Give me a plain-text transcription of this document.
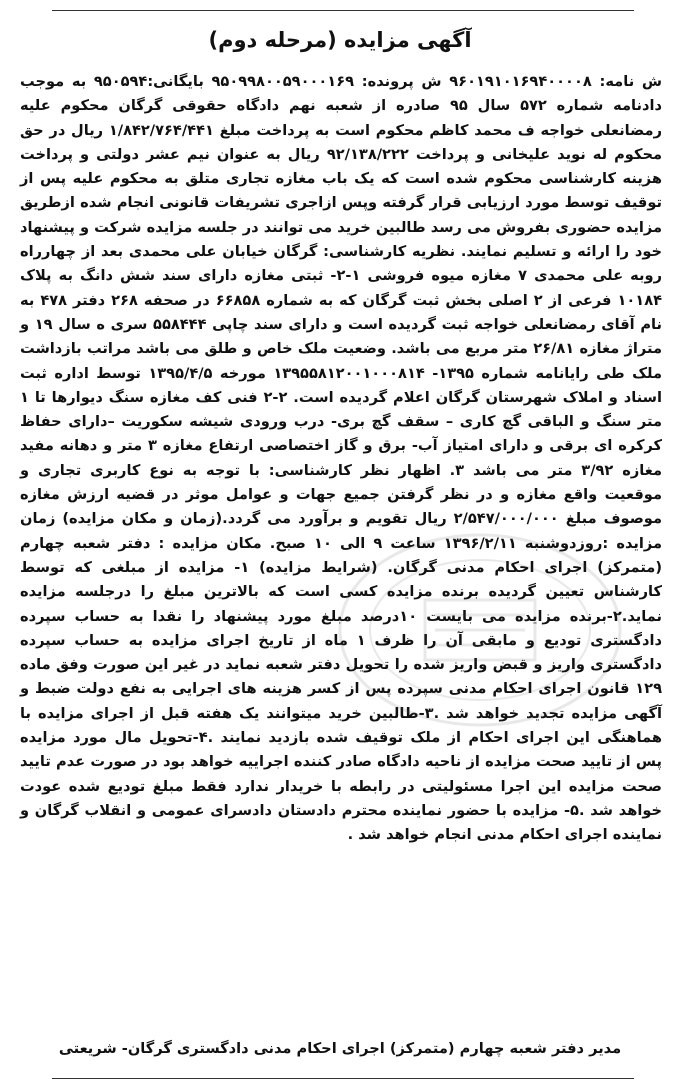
آگهی مزایده (مرحله دوم)

ش نامه: ۹۶۰۱۹۱۰۱۶۹۴۰۰۰۰۸ ش پرونده: ۹۵۰۹۹۸۰۰۵۹۰۰۰۱۶۹ بایگانی:۹۵۰۵۹۴ به موجب دادنامه شماره ۵۷۲ سال ۹۵ صادره از شعبه نهم دادگاه حقوقی گرگان محکوم علیه رمضانعلی خواجه ف محمد کاظم محکوم است به پرداخت مبلغ ۱/۸۴۲/۷۶۴/۴۴۱ ریال در حق محکوم له نوید علیخانی و پرداخت ۹۲/۱۳۸/۲۲۲ ریال به عنوان نیم عشر دولتی و پرداخت هزینه کارشناسی محکوم شده است که یک باب مغازه تجاری متلق به محکوم علیه پس از توقیف توسط مورد ارزیابی قرار گرفته وپس ازاجری تشریفات قانونی انجام شده ازطریق مزایده حضوری بفروش می رسد طالبین خرید می توانند در جلسه مزایده شرکت و پیشنهاد خود را ارائه و تسلیم نمایند. نظریه کارشناسی: گرگان خیابان علی محمدی بعد از چهارراه روبه علی محمدی ۷ مغازه میوه فروشی ۱-۲- ثبتی مغازه دارای سند شش دانگ به پلاک ۱۰۱۸۴ فرعی از ۲ اصلی بخش ثبت گرگان که به شماره ۶۶۸۵۸ در صحفه ۲۶۸ دفتر ۴۷۸ به نام آقای رمضانعلی خواجه ثبت گردیده است و دارای سند چاپی ۵۵۸۴۴۴ سری ه سال ۱۹ و متراژ مغازه ۲۶/۸۱ متر مربع می باشد. وضعیت ملک خاص و طلق می باشد مراتب بازداشت ملک طی رایانامه شماره ۱۳۹۵- ۱۳۹۵۵۸۱۲۰۰۱۰۰۰۸۱۴ مورخه ۱۳۹۵/۴/۵ توسط اداره ثبت اسناد و املاک شهرستان گرگان اعلام گردیده است. ۲-۲ فنی کف مغازه سنگ دیوارها تا ۱ متر سنگ و الباقی گچ کاری – سقف گچ بری- درب ورودی شیشه سکوریت –دارای حفاظ کرکره ای برقی و دارای امتیاز آب- برق و گاز اختصاصی ارتفاع مغازه ۳ متر و دهانه مفید مغازه ۳/۹۲ متر می باشد ۳. اظهار نظر کارشناسی: با توجه به نوع کاربری تجاری و موقعیت واقع مغازه و در نظر گرفتن جمیع جهات و عوامل موثر در قضیه ارزش مغازه موصوف مبلغ ۲/۵۴۷/۰۰۰/۰۰۰ ریال تقویم و برآورد می گردد.(زمان و مکان مزایده) زمان مزایده :روزدوشنبه ۱۳۹۶/۲/۱۱ ساعت ۹ الی ۱۰ صبح. مکان مزایده : دفتر شعبه چهارم (متمرکز) اجرای احکام مدنی گرگان. (شرایط مزایده) ۱- مزایده از مبلغی که توسط کارشناس تعیین گردیده برنده مزایده کسی است که بالاترین مبلغ را درجلسه مزایده نماید.۲-برنده مزایده می بایست ۱۰درصد مبلغ مورد پیشنهاد را نقدا به حساب سپرده دادگستری تودیع و مابقی آن را ظرف ۱ ماه از تاریخ اجرای مزایده به حساب سپرده دادگستری واریز و قبض واریز شده را تحویل دفتر شعبه نماید در غیر این صورت وفق ماده ۱۲۹ قانون اجرای احکام مدنی سپرده پس از کسر هزینه های اجرایی به نفع دولت ضبط و آگهی مزایده تجدید خواهد شد .۳-طالبین خرید میتوانند یک هفته قبل از اجرای مزایده با هماهنگی این اجرای احکام از ملک توقیف شده بازدید نمایند .۴-تحویل مال مورد مزایده پس از تایید صحت مزایده از ناحیه دادگاه صادر کننده اجراییه خواهد بود در صورت عدم تایید صحت مزایده این اجرا مسئولیتی در رابطه با خریدار ندارد فقط مبلغ تودیع شده عودت خواهد شد .۵- مزایده با حضور نماینده محترم دادستان دادسرای عمومی و انقلاب گرگان و نماینده اجرای احکام مدنی انجام خواهد شد .

مدیر دفتر شعبه چهارم (متمرکز) اجرای احکام مدنی دادگستری گرگان- شریعتی
